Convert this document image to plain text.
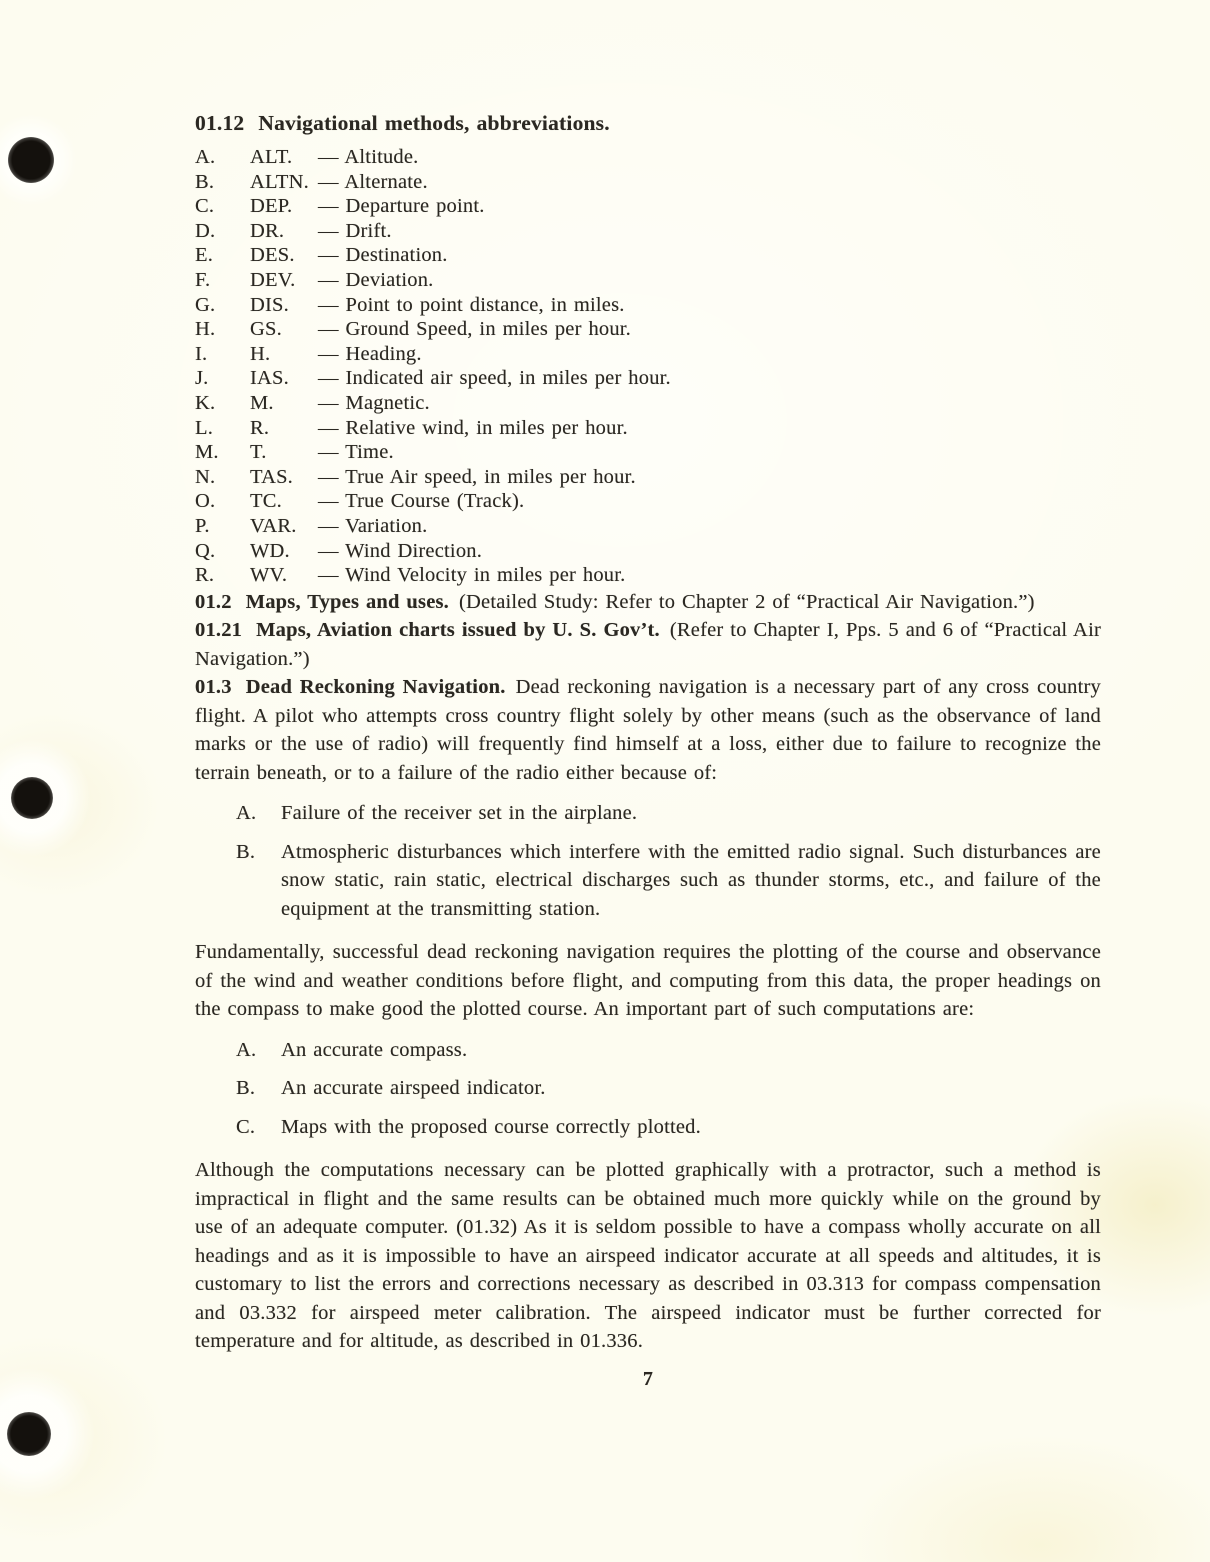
01.12 Navigational methods, abbreviations.
A.	ALT.	— Altitude.
B.	ALTN. — Alternate.
C.	DEP.	— Departure point.
D.	DR.	— Drift.
E.	DES.	— Destination.
F.	DEV.	— Deviation.
G.	DIS.	— Point to point distance, in miles.
H.	GS.	— Ground Speed, in miles per hour.
I.	H.	— Heading.
J.	IAS.	— Indicated air speed, in miles per hour.
K.	M.	— Magnetic.
L.	R.	— Relative wind, in miles per hour.
M.	T.	— Time.
N.	TAS.	— True Air speed, in miles per hour.
O.	TC.	— True Course (Track).
P.	VAR.	— Variation.
Q.	WD.	— Wind Direction.
R.	WV.	— Wind Velocity in miles per hour.

01.2 Maps, Types and uses. (Detailed Study: Refer to Chapter 2 of “Practical Air Navigation.”)

01.21 Maps, Aviation charts issued by U. S. Gov’t. (Refer to Chapter I, Pps. 5 and 6 of “Practical Air Navigation.”)

01.3 Dead Reckoning Navigation. Dead reckoning navigation is a necessary part of any cross country flight. A pilot who attempts cross country flight solely by other means (such as the observance of land marks or the use of radio) will frequently find himself at a loss, either due to failure to recognize the terrain beneath, or to a failure of the radio either because of:

A.	Failure of the receiver set in the airplane.
B.	Atmospheric disturbances which interfere with the emitted radio signal. Such disturbances are snow static, rain static, electrical discharges such as thunder storms, etc., and failure of the equipment at the transmitting station.

Fundamentally, successful dead reckoning navigation requires the plotting of the course and observance of the wind and weather conditions before flight, and computing from this data, the proper headings on the compass to make good the plotted course. An important part of such computations are:

A.	An accurate compass.
B.	An accurate airspeed indicator.
C.	Maps with the proposed course correctly plotted.

Although the computations necessary can be plotted graphically with a protractor, such a method is impractical in flight and the same results can be obtained much more quickly while on the ground by use of an adequate computer. (01.32) As it is seldom possible to have a compass wholly accurate on all headings and as it is impossible to have an airspeed indicator accurate at all speeds and altitudes, it is customary to list the errors and corrections necessary as described in 03.313 for compass compensation and 03.332 for airspeed meter calibration. The airspeed indicator must be further corrected for temperature and for altitude, as described in 01.336.

7
